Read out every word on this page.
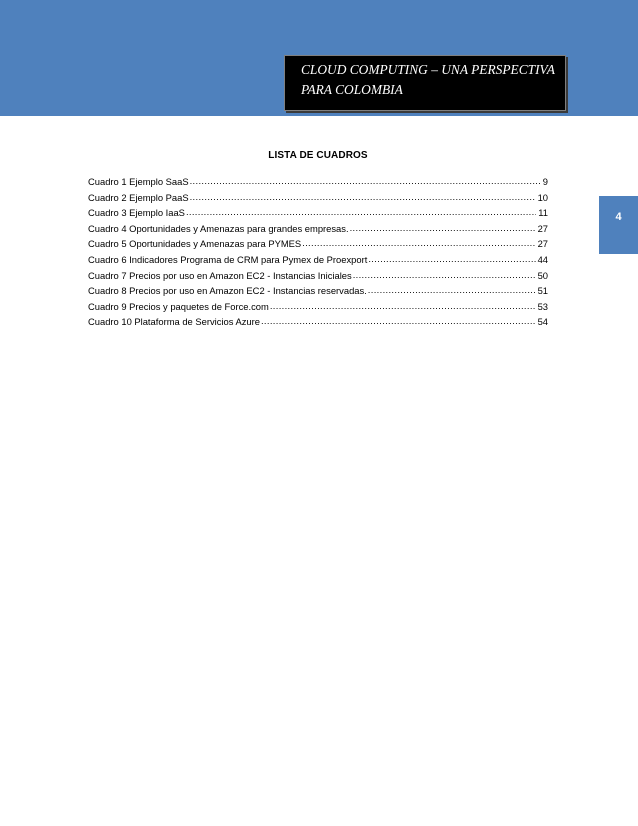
CLOUD COMPUTING – UNA PERSPECTIVA
PARA COLOMBIA
4
LISTA DE CUADROS
Cuadro 1 Ejemplo SaaS .....	9
Cuadro 2 Ejemplo PaaS .....	10
Cuadro 3 Ejemplo IaaS .....	11
Cuadro 4 Oportunidades y Amenazas para grandes empresas. .....	27
Cuadro 5 Oportunidades y Amenazas para PYMES .....	27
Cuadro 6 Indicadores Programa de CRM para Pymex de Proexport .....	44
Cuadro 7 Precios por uso en Amazon EC2 - Instancias Iniciales .....	50
Cuadro 8 Precios por uso en Amazon EC2 - Instancias reservadas. .....	51
Cuadro 9 Precios y paquetes de Force.com .....	53
Cuadro 10 Plataforma de Servicios Azure .....	54
